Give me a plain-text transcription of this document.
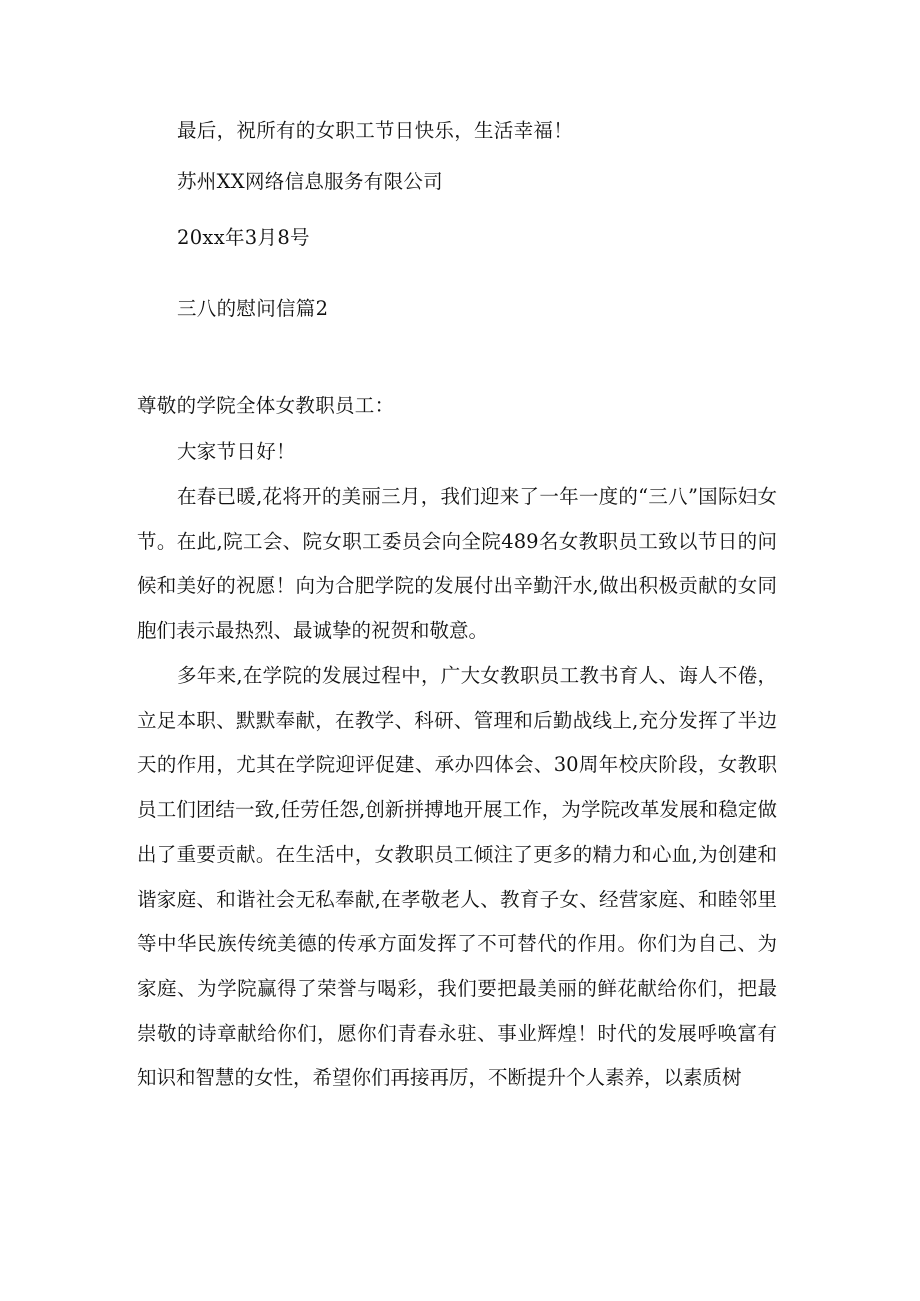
最后，祝所有的女职工节日快乐，生活幸福！
苏州XX网络信息服务有限公司
20xx年3月8号
三八的慰问信篇2
尊敬的学院全体女教职员工：
大家节日好！

在春已暖,花将开的美丽三月，我们迎来了一年一度的“三八”国际妇女节。在此,院工会、院女职工委员会向全院489名女教职员工致以节日的问候和美好的祝愿！向为合肥学院的发展付出辛勤汗水,做出积极贡献的女同胞们表示最热烈、最诚挚的祝贺和敬意。

多年来,在学院的发展过程中，广大女教职员工教书育人、诲人不倦，立足本职、默默奉献，在教学、科研、管理和后勤战线上,充分发挥了半边天的作用，尤其在学院迎评促建、承办四体会、30周年校庆阶段，女教职员工们团结一致,任劳任怨,创新拼搏地开展工作，为学院改革发展和稳定做出了重要贡献。在生活中，女教职员工倾注了更多的精力和心血,为创建和谐家庭、和谐社会无私奉献,在孝敬老人、教育子女、经营家庭、和睦邻里等中华民族传统美德的传承方面发挥了不可替代的作用。你们为自己、为家庭、为学院赢得了荣誉与喝彩，我们要把最美丽的鲜花献给你们，把最崇敬的诗章献给你们，愿你们青春永驻、事业辉煌！时代的发展呼唤富有知识和智慧的女性，希望你们再接再厉，不断提升个人素养，以素质树
